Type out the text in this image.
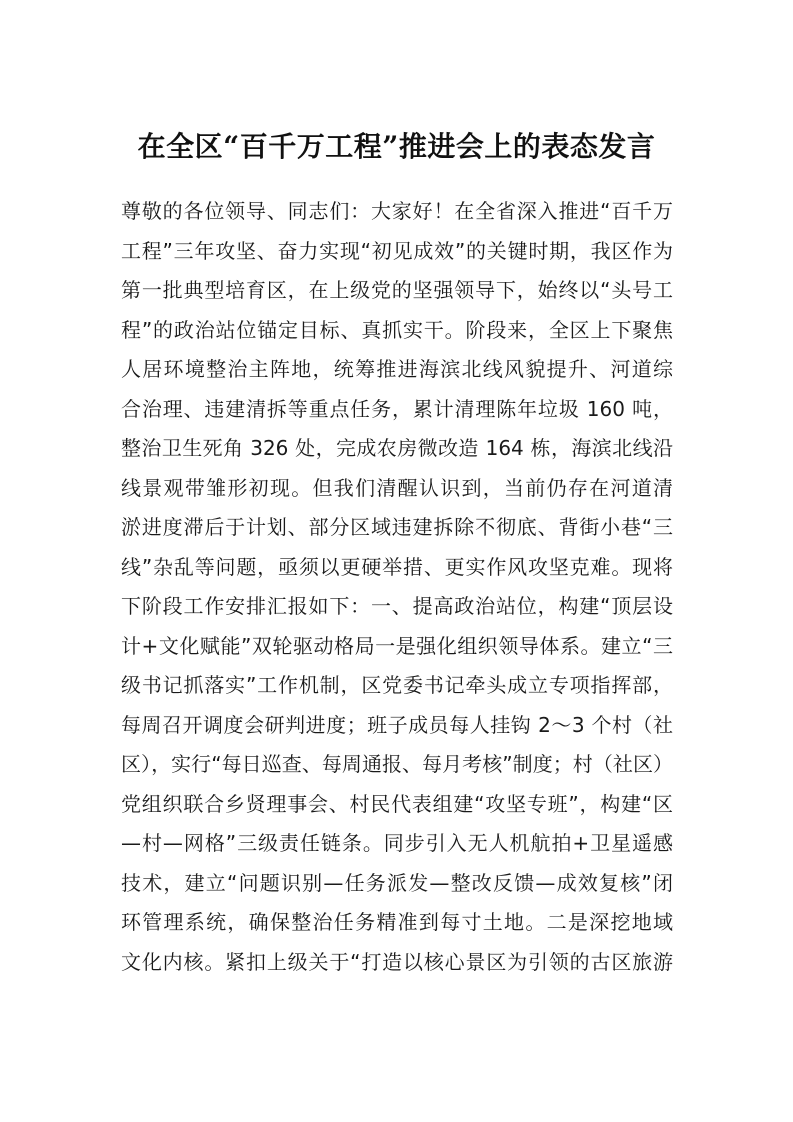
在全区“百千万工程”推进会上的表态发言
尊敬的各位领导、同志们：大家好！在全省深入推进“百千万
工程”三年攻坚、奋力实现“初见成效”的关键时期，我区作为
第一批典型培育区，在上级党的坚强领导下，始终以“头号工
程”的政治站位锚定目标、真抓实干。阶段来，全区上下聚焦
人居环境整治主阵地，统筹推进海滨北线风貌提升、河道综
合治理、违建清拆等重点任务，累计清理陈年垃圾 160 吨，
整治卫生死角 326 处，完成农房微改造 164 栋，海滨北线沿
线景观带雏形初现。但我们清醒认识到，当前仍存在河道清
淤进度滞后于计划、部分区域违建拆除不彻底、背街小巷“三
线”杂乱等问题，亟须以更硬举措、更实作风攻坚克难。现将
下阶段工作安排汇报如下：一、提高政治站位，构建“顶层设
计+文化赋能”双轮驱动格局一是强化组织领导体系。建立“三
级书记抓落实”工作机制，区党委书记牵头成立专项指挥部，
每周召开调度会研判进度；班子成员每人挂钩 2～3 个村（社
区），实行“每日巡查、每周通报、每月考核”制度；村（社区）
党组织联合乡贤理事会、村民代表组建“攻坚专班”，构建“区
—村—网格”三级责任链条。同步引入无人机航拍+卫星遥感
技术，建立“问题识别—任务派发—整改反馈—成效复核”闭
环管理系统，确保整治任务精准到每寸土地。二是深挖地域
文化内核。紧扣上级关于“打造以核心景区为引领的古区旅游
